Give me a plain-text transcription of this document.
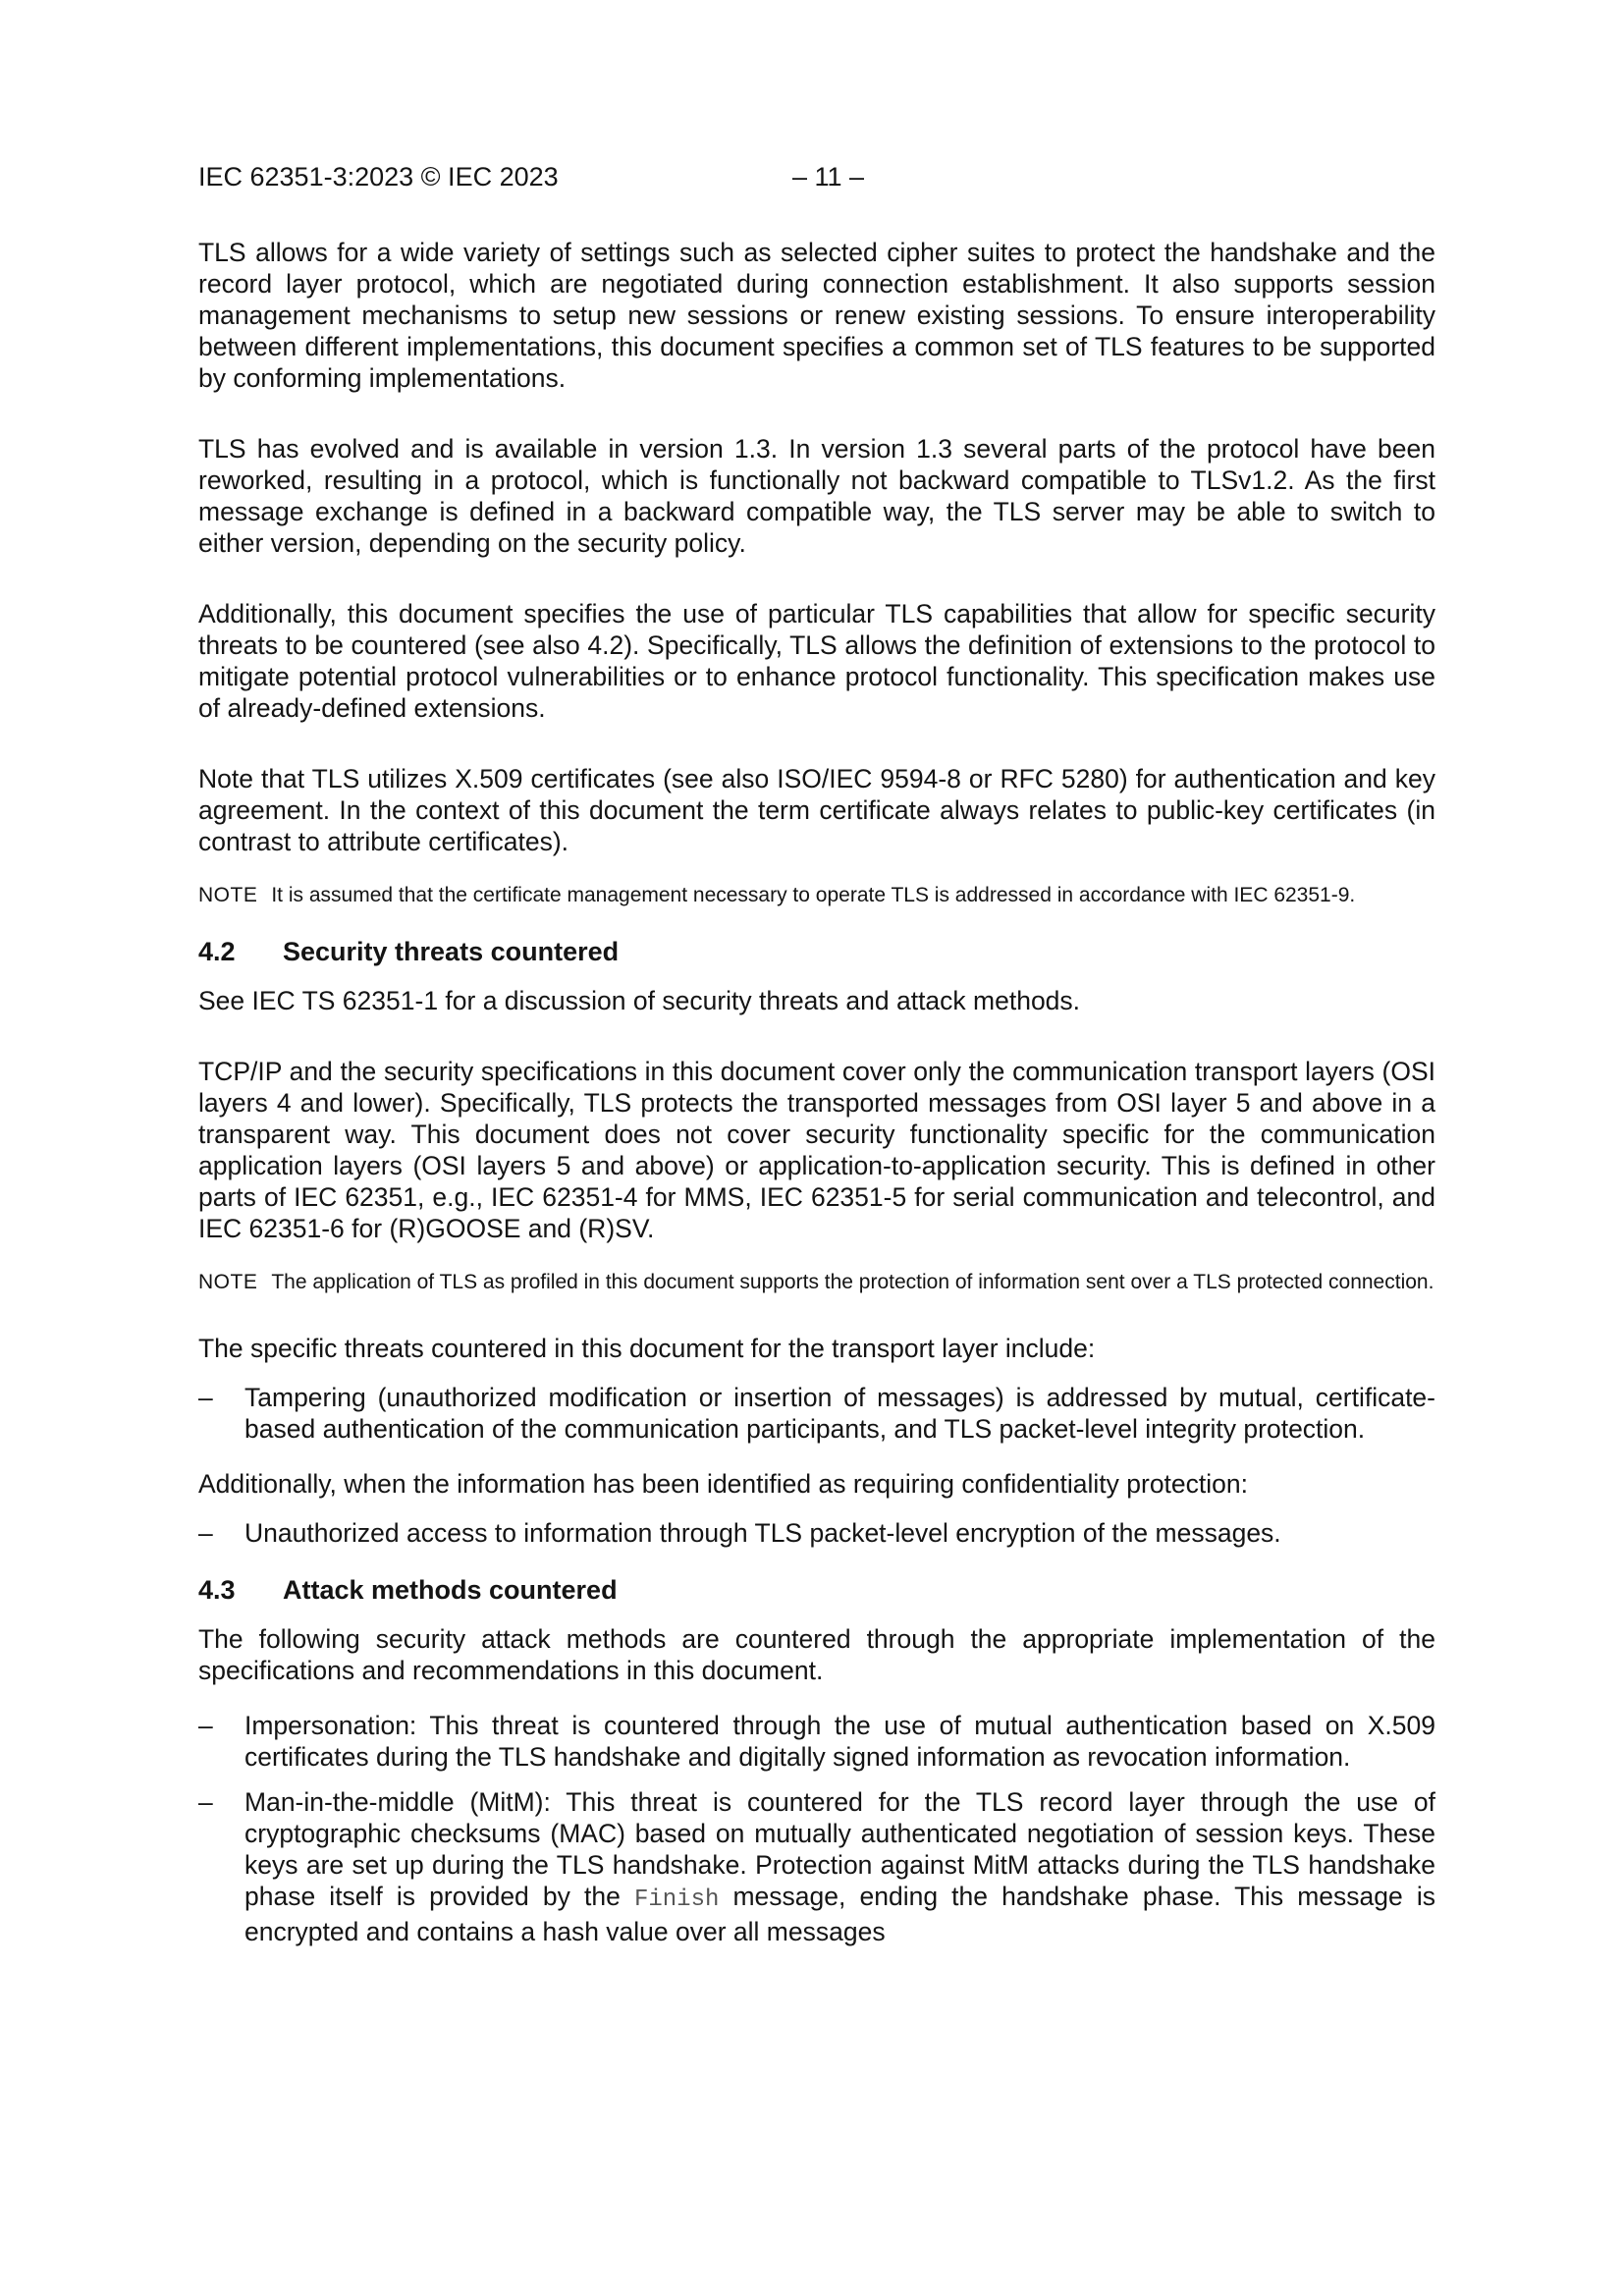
IEC 62351-3:2023 © IEC 2023	– 11 –

TLS allows for a wide variety of settings such as selected cipher suites to protect the handshake and the record layer protocol, which are negotiated during connection establishment. It also supports session management mechanisms to setup new sessions or renew existing sessions. To ensure interoperability between different implementations, this document specifies a common set of TLS features to be supported by conforming implementations.

TLS has evolved and is available in version 1.3. In version 1.3 several parts of the protocol have been reworked, resulting in a protocol, which is functionally not backward compatible to TLSv1.2. As the first message exchange is defined in a backward compatible way, the TLS server may be able to switch to either version, depending on the security policy.

Additionally, this document specifies the use of particular TLS capabilities that allow for specific security threats to be countered (see also 4.2). Specifically, TLS allows the definition of extensions to the protocol to mitigate potential protocol vulnerabilities or to enhance protocol functionality. This specification makes use of already-defined extensions.

Note that TLS utilizes X.509 certificates (see also ISO/IEC 9594-8 or RFC 5280) for authentication and key agreement. In the context of this document the term certificate always relates to public-key certificates (in contrast to attribute certificates).

NOTE It is assumed that the certificate management necessary to operate TLS is addressed in accordance with IEC 62351-9.

4.2 Security threats countered

See IEC TS 62351-1 for a discussion of security threats and attack methods.

TCP/IP and the security specifications in this document cover only the communication transport layers (OSI layers 4 and lower). Specifically, TLS protects the transported messages from OSI layer 5 and above in a transparent way. This document does not cover security functionality specific for the communication application layers (OSI layers 5 and above) or application-to-application security. This is defined in other parts of IEC 62351, e.g., IEC 62351-4 for MMS, IEC 62351-5 for serial communication and telecontrol, and IEC 62351-6 for (R)GOOSE and (R)SV.

NOTE The application of TLS as profiled in this document supports the protection of information sent over a TLS protected connection.

The specific threats countered in this document for the transport layer include:

– Tampering (unauthorized modification or insertion of messages) is addressed by mutual, certificate-based authentication of the communication participants, and TLS packet-level integrity protection.

Additionally, when the information has been identified as requiring confidentiality protection:

– Unauthorized access to information through TLS packet-level encryption of the messages.
4.3 Attack methods countered

The following security attack methods are countered through the appropriate implementation of the specifications and recommendations in this document.

– Impersonation: This threat is countered through the use of mutual authentication based on X.509 certificates during the TLS handshake and digitally signed information as revocation information.
– Man-in-the-middle (MitM): This threat is countered for the TLS record layer through the use of cryptographic checksums (MAC) based on mutually authenticated negotiation of session keys. These keys are set up during the TLS handshake. Protection against MitM attacks during the TLS handshake phase itself is provided by the Finish message, ending the handshake phase. This message is encrypted and contains a hash value over all messages
